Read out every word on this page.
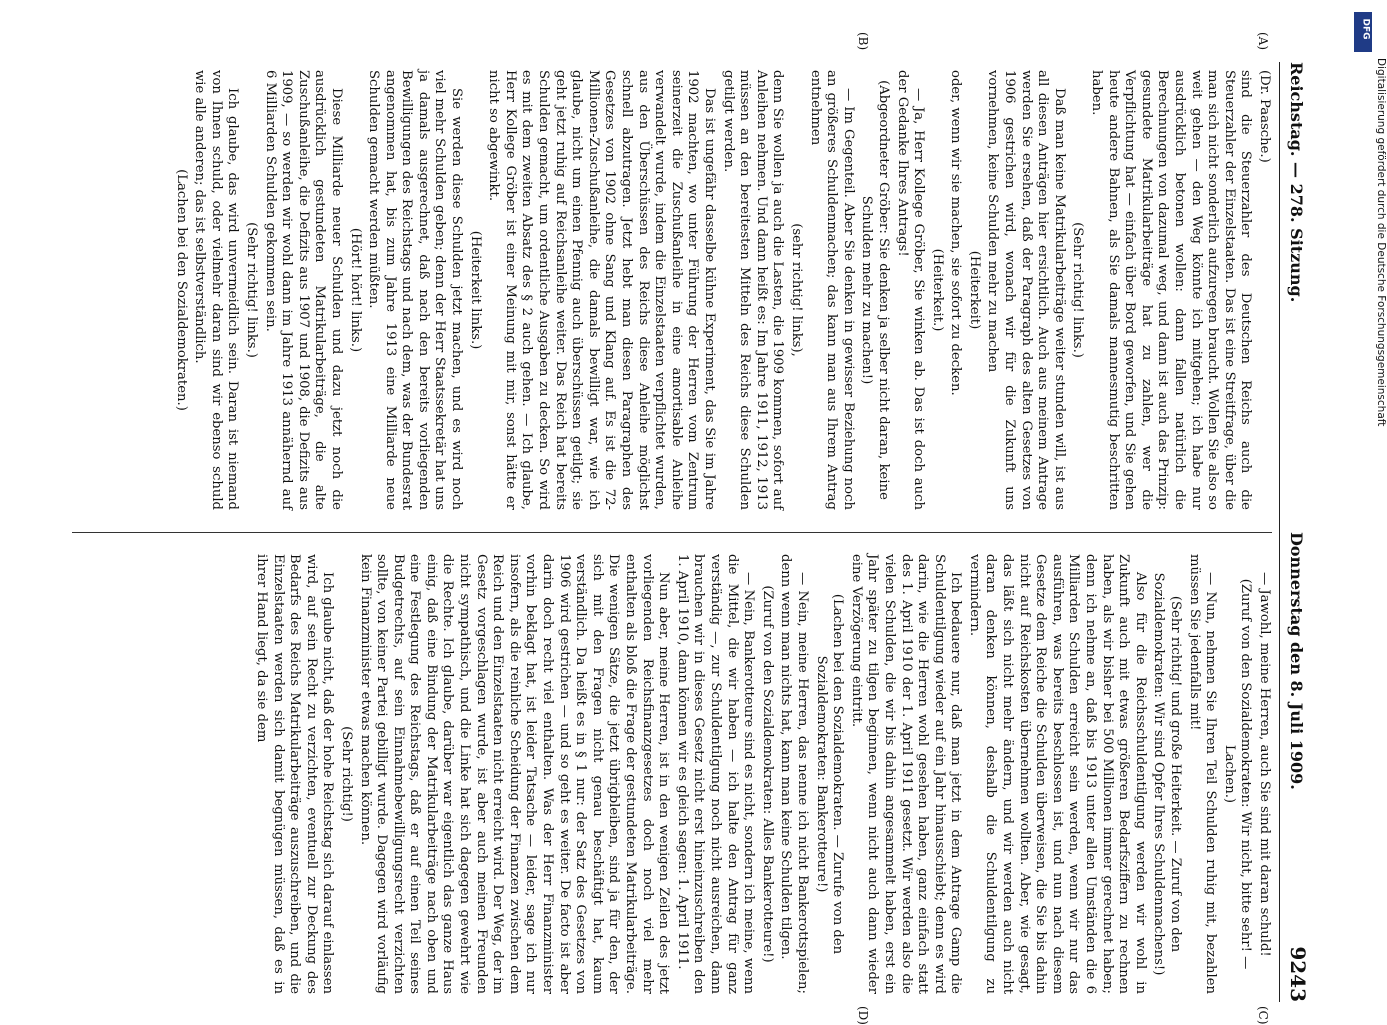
Reichstag. — 278. Sitzung.
Donnerstag den 8. Juli 1909.
9243
(A)
(B)
(C)
(D)

(Dr. Paasche.)

sind die Steuerzahler des Deutschen Reichs auch die Steuerzahler der Einzelstaaten. Das ist eine Streitfrage, über die man sich nicht sonderlich aufzuregen braucht. Wollen Sie also so weit gehen — den Weg könnte ich mitgehen; ich habe nur ausdrücklich betonen wollen: dann fallen natürlich die Berechnungen von dazumal weg, und dann ist auch das Prinzip: gesundete Matrikularbeiträge hat zu zahlen, wer die Verpflichtung hat — einfach über Bord geworfen, und Sie gehen heute andere Bahnen, als Sie damals mannesmutig beschritten haben.

(Sehr richtig! links.)

Daß man keine Matrikularbeiträge weiter stunden will, ist aus all diesen Anträgen hier ersichtlich. Auch aus meinem Antrage werden Sie ersehen, daß der Paragraph des alten Gesetzes von 1906 gestrichen wird, wonach wir für die Zukunft uns vornehmen, keine Schulden mehr zu machen

(Heiterkeit)

oder, wenn wir sie machen, sie sofort zu decken.

(Heiterkeit.)

— Ja, Herr Kollege Gröber, Sie winken ab. Das ist doch auch der Gedanke Ihres Antrags!

(Abgeordneter Gröber: Sie denken ja selber nicht daran, keine Schulden mehr zu machen!)

— Im Gegenteil. Aber Sie denken in gewisser Beziehung noch an größeres Schuldenmachen; das kann man aus Ihrem Antrag entnehmen

(sehr richtig! links),

denn Sie wollen ja auch die Lasten, die 1909 kommen, sofort auf Anleihen nehmen. Und dann heißt es: Im Jahre 1911, 1912, 1913 müssen an den bereitesten Mitteln des Reichs diese Schulden getilgt werden.

Das ist ungefähr dasselbe kühne Experiment, das Sie im Jahre 1902 machten, wo unter Führung der Herren vom Zentrum seinerzeit die Zuschußanleihe in eine amortisable Anleihe verwandelt wurde, indem die Einzelstaaten verpflichtet wurden, aus den Überschüssen des Reichs diese Anleihe möglichst schnell abzutragen. Jetzt hebt man diesen Paragraphen des Gesetzes von 1902 ohne Sang und Klang auf. Es ist die 72-Millionen-Zuschußanleihe, die damals bewilligt war, wie ich glaube, nicht um einen Pfennig auch überschüssen getilgt; sie geht jetzt ruhig auf Reichsanleihe weiter. Das Reich hat bereits Schulden gemacht, um ordentliche Ausgaben zu decken. So wird es mit dem zweiten Absatz des § 2 auch gehen. — Ich glaube, Herr Kollege Gröber ist einer Meinung mit mir, sonst hätte er nicht so abgewinkt.

(Heiterkeit links.)

Sie werden diese Schulden jetzt machen, und es wird noch viel mehr Schulden geben; denn der Herr Staatssekretär hat uns ja damals ausgerechnet, daß nach den bereits vorliegenden Bewilligungen des Reichstags und nach dem, was der Bundesrat angenommen hat, bis zum Jahre 1913 eine Milliarde neue Schulden gemacht werden müßten.

(Hört! hört! links.)

Diese Milliarde neuer Schulden und dazu jetzt noch die ausdrücklich gestundeten Matrikularbeiträge, die alte Zuschußanleihe, die Defizits aus 1907 und 1908, die Defizits aus 1909, — so werden wir wohl dann im Jahre 1913 annähernd auf 6 Milliarden Schulden gekommen sein.

(Sehr richtig! links.)

Ich glaube, das wird unvermeidlich sein. Daran ist niemand von Ihnen schuld, oder vielmehr daran sind wir ebenso schuld wie alle anderen; das ist selbstverständlich.

(Lachen bei den Sozialdemokraten.)

— Jawohl, meine Herren, auch Sie sind mit daran schuld!

(Zuruf von den Sozialdemokraten: Wir nicht, bitte sehr! — Lachen.)

— Nun, nehmen Sie Ihren Teil Schulden ruhig mit, bezahlen müssen Sie jedenfalls mit!

(Sehr richtig! und große Heiterkeit. — Zuruf von den Sozialdemokraten: Wir sind Opfer Ihres Schuldenmachens!)

Also für die Reichsschuldentilgung werden wir wohl in Zukunft auch mit etwas größeren Bedarfsziffern zu rechnen haben, als wir bisher bei 500 Millionen immer gerechnet haben; denn ich nehme an, daß bis 1913 unter allen Umständen die 6 Milliarden Schulden erreicht sein werden, wenn wir nur das ausführen, was bereits beschlossen ist, und nun nach diesem Gesetze dem Reiche die Schulden überweisen, die Sie bis dahin nicht auf Reichskosten übernehmen wollten. Aber, wie gesagt, das läßt sich nicht mehr ändern, und wir werden auch nicht daran denken können, deshalb die Schuldentilgung zu vermindern.

Ich bedauere nur, daß man jetzt in dem Antrage Gamp die Schuldentilgung wieder auf ein Jahr hinausschiebt; denn es wird darin, wie die Herren wohl gesehen haben, ganz einfach statt des 1. April 1910 der 1. April 1911 gesetzt. Wir werden also die vielen Schulden, die wir bis dahin angesammelt haben, erst ein Jahr später zu tilgen beginnen, wenn nicht auch dann wieder eine Verzögerung eintritt.

(Lachen bei den Sozialdemokraten. — Zurufe von den Sozialdemokraten: Bankerotteure!)

— Nein, meine Herren, das nenne ich nicht Bankerottspielen; denn wenn man nichts hat, kann man keine Schulden tilgen.

(Zuruf von den Sozialdemokraten: Alles Bankerotteure!)

— Nein, Bankerotteure sind es nicht, sondern ich meine, wenn die Mittel, die wir haben — ich halte den Antrag für ganz verständig —, zur Schuldentilgung noch nicht ausreichen, dann brauchen wir in dieses Gesetz nicht erst hineinzuschreiben den 1. April 1910, dann können wir es gleich sagen: 1. April 1911.

Nun aber, meine Herren, ist in den wenigen Zeilen des jetzt vorliegenden Reichsfinanzgesetzes doch noch viel mehr enthalten als bloß die Frage der gestundeten Matrikularbeiträge. Die wenigen Sätze, die jetzt übrigbleiben, sind ja für den, der sich mit den Fragen nicht genau beschäftigt hat, kaum verständlich. Da heißt es in § 1 nur: der Satz des Gesetzes von 1906 wird gestrichen — und so geht es weiter. De facto ist aber darin doch recht viel enthalten. Was der Herr Finanzminister vorhin beklagt hat, ist leider Tatsache — leider, sage ich nur insofern, als die reinliche Scheidung der Finanzen zwischen dem Reich und den Einzelstaaten nicht erreicht wird. Der Weg, der im Gesetz vorgeschlagen wurde, ist aber auch meinen Freunden nicht sympathisch, und die Linke hat sich dagegen gewehrt wie die Rechte. Ich glaube, darüber war eigentlich das ganze Haus einig, daß eine Bindung der Matrikularbeiträge nach oben und eine Festlegung des Reichstags, daß er auf einen Teil seines Budgetrechts, auf sein Einnahmebewilligungsrecht verzichten sollte, von keiner Partei gebilligt wurde. Dagegen wird vorläufig kein Finanzminister etwas machen können.

(Sehr richtig!)

Ich glaube nicht, daß der hohe Reichstag sich darauf einlassen wird, auf sein Recht zu verzichten, eventuell zur Deckung des Bedarfs des Reichs Matrikularbeiträge auszuschreiben, und die Einzelstaaten werden sich damit begnügen müssen, daß es in ihrer Hand liegt, da sie dem

DFG
Digitalisierung gefördert durch die Deutsche Forschungsgemeinschaft
